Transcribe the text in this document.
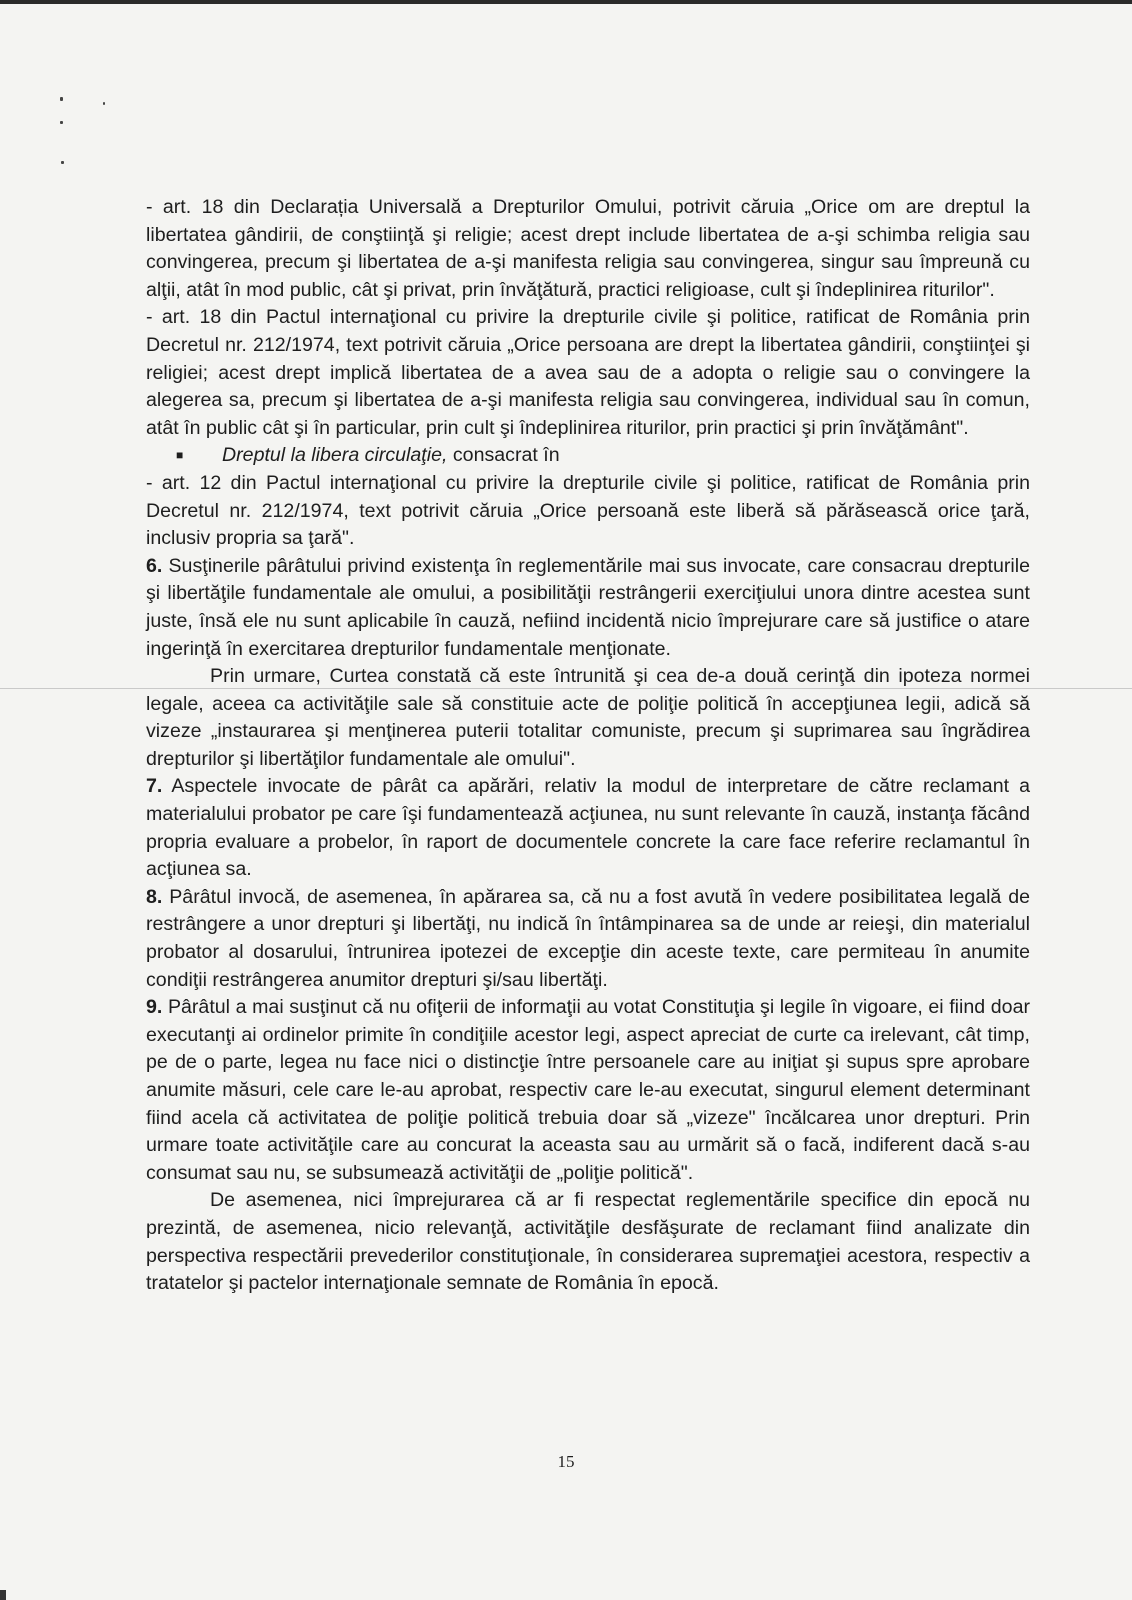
- art. 18 din Declarația Universală a Drepturilor Omului, potrivit căruia „Orice om are dreptul la libertatea gândirii, de conştiinţă şi religie; acest drept include libertatea de a-şi schimba religia sau convingerea, precum şi libertatea de a-şi manifesta religia sau convingerea, singur sau împreună cu alţii, atât în mod public, cât şi privat, prin învăţătură, practici religioase, cult şi îndeplinirea riturilor".

- art. 18 din Pactul internaţional cu privire la drepturile civile şi politice, ratificat de România prin Decretul nr. 212/1974, text potrivit căruia „Orice persoana are drept la libertatea gândirii, conştiinţei şi religiei; acest drept implică libertatea de a avea sau de a adopta o religie sau o convingere la alegerea sa, precum şi libertatea de a-şi manifesta religia sau convingerea, individual sau în comun, atât în public cât şi în particular, prin cult şi îndeplinirea riturilor, prin practici şi prin învăţământ".

■ Dreptul la libera circulaţie, consacrat în

- art. 12 din Pactul internaţional cu privire la drepturile civile şi politice, ratificat de România prin Decretul nr. 212/1974, text potrivit căruia „Orice persoană este liberă să părăsească orice ţară, inclusiv propria sa ţară".

6. Susţinerile pârâtului privind existenţa în reglementările mai sus invocate, care consacrau drepturile şi libertăţile fundamentale ale omului, a posibilităţii restrângerii exerciţiului unora dintre acestea sunt juste, însă ele nu sunt aplicabile în cauză, nefiind incidentă nicio împrejurare care să justifice o atare ingerinţă în exercitarea drepturilor fundamentale menţionate.

Prin urmare, Curtea constată că este întrunită şi cea de-a două cerinţă din ipoteza normei legale, aceea ca activităţile sale să constituie acte de poliţie politică în accepţiunea legii, adică să vizeze „instaurarea şi menţinerea puterii totalitar comuniste, precum şi suprimarea sau îngrădirea drepturilor şi libertăţilor fundamentale ale omului".

7. Aspectele invocate de pârât ca apărări, relativ la modul de interpretare de către reclamant a materialului probator pe care îşi fundamentează acţiunea, nu sunt relevante în cauză, instanţa făcând propria evaluare a probelor, în raport de documentele concrete la care face referire reclamantul în acţiunea sa.

8. Pârâtul invocă, de asemenea, în apărarea sa, că nu a fost avută în vedere posibilitatea legală de restrângere a unor drepturi şi libertăţi, nu indică în întâmpinarea sa de unde ar reieşi, din materialul probator al dosarului, întrunirea ipotezei de excepţie din aceste texte, care permiteau în anumite condiţii restrângerea anumitor drepturi şi/sau libertăţi.

9. Pârâtul a mai susţinut că nu ofiţerii de informaţii au votat Constituţia şi legile în vigoare, ei fiind doar executanţi ai ordinelor primite în condiţiile acestor legi, aspect apreciat de curte ca irelevant, cât timp, pe de o parte, legea nu face nici o distincţie între persoanele care au iniţiat şi supus spre aprobare anumite măsuri, cele care le-au aprobat, respectiv care le-au executat, singurul element determinant fiind acela că activitatea de poliţie politică trebuia doar să „vizeze" încălcarea unor drepturi. Prin urmare toate activităţile care au concurat la aceasta sau au urmărit să o facă, indiferent dacă s-au consumat sau nu, se subsumează activităţii de „poliţie politică".

De asemenea, nici împrejurarea că ar fi respectat reglementările specifice din epocă nu prezintă, de asemenea, nicio relevanţă, activităţile desfăşurate de reclamant fiind analizate din perspectiva respectării prevederilor constituţionale, în considerarea supremaţiei acestora, respectiv a tratatelor şi pactelor internaţionale semnate de România în epocă.

15
